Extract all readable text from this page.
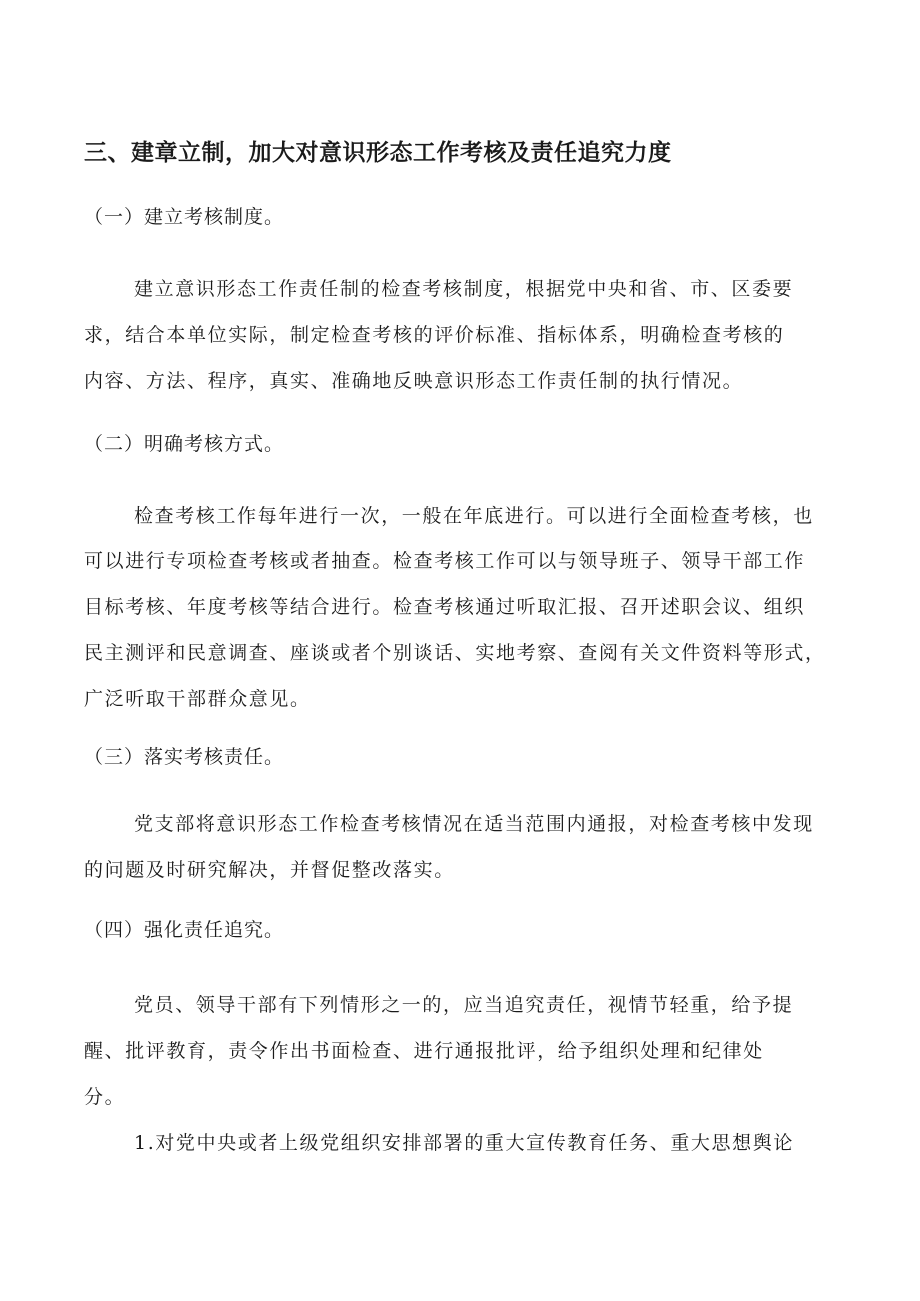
三、建章立制，加大对意识形态工作考核及责任追究力度
（一）建立考核制度。
建立意识形态工作责任制的检查考核制度，根据党中央和省、市、区委要
求，结合本单位实际，制定检查考核的评价标准、指标体系，明确检查考核的
内容、方法、程序，真实、准确地反映意识形态工作责任制的执行情况。
（二）明确考核方式。
检查考核工作每年进行一次，一般在年底进行。可以进行全面检查考核，也
可以进行专项检查考核或者抽查。检查考核工作可以与领导班子、领导干部工作
目标考核、年度考核等结合进行。检查考核通过听取汇报、召开述职会议、组织
民主测评和民意调查、座谈或者个别谈话、实地考察、查阅有关文件资料等形式，
广泛听取干部群众意见。
（三）落实考核责任。
党支部将意识形态工作检查考核情况在适当范围内通报，对检查考核中发现
的问题及时研究解决，并督促整改落实。
（四）强化责任追究。
党员、领导干部有下列情形之一的，应当追究责任，视情节轻重，给予提
醒、批评教育，责令作出书面检查、进行通报批评，给予组织处理和纪律处
分。
1.对党中央或者上级党组织安排部署的重大宣传教育任务、重大思想舆论
